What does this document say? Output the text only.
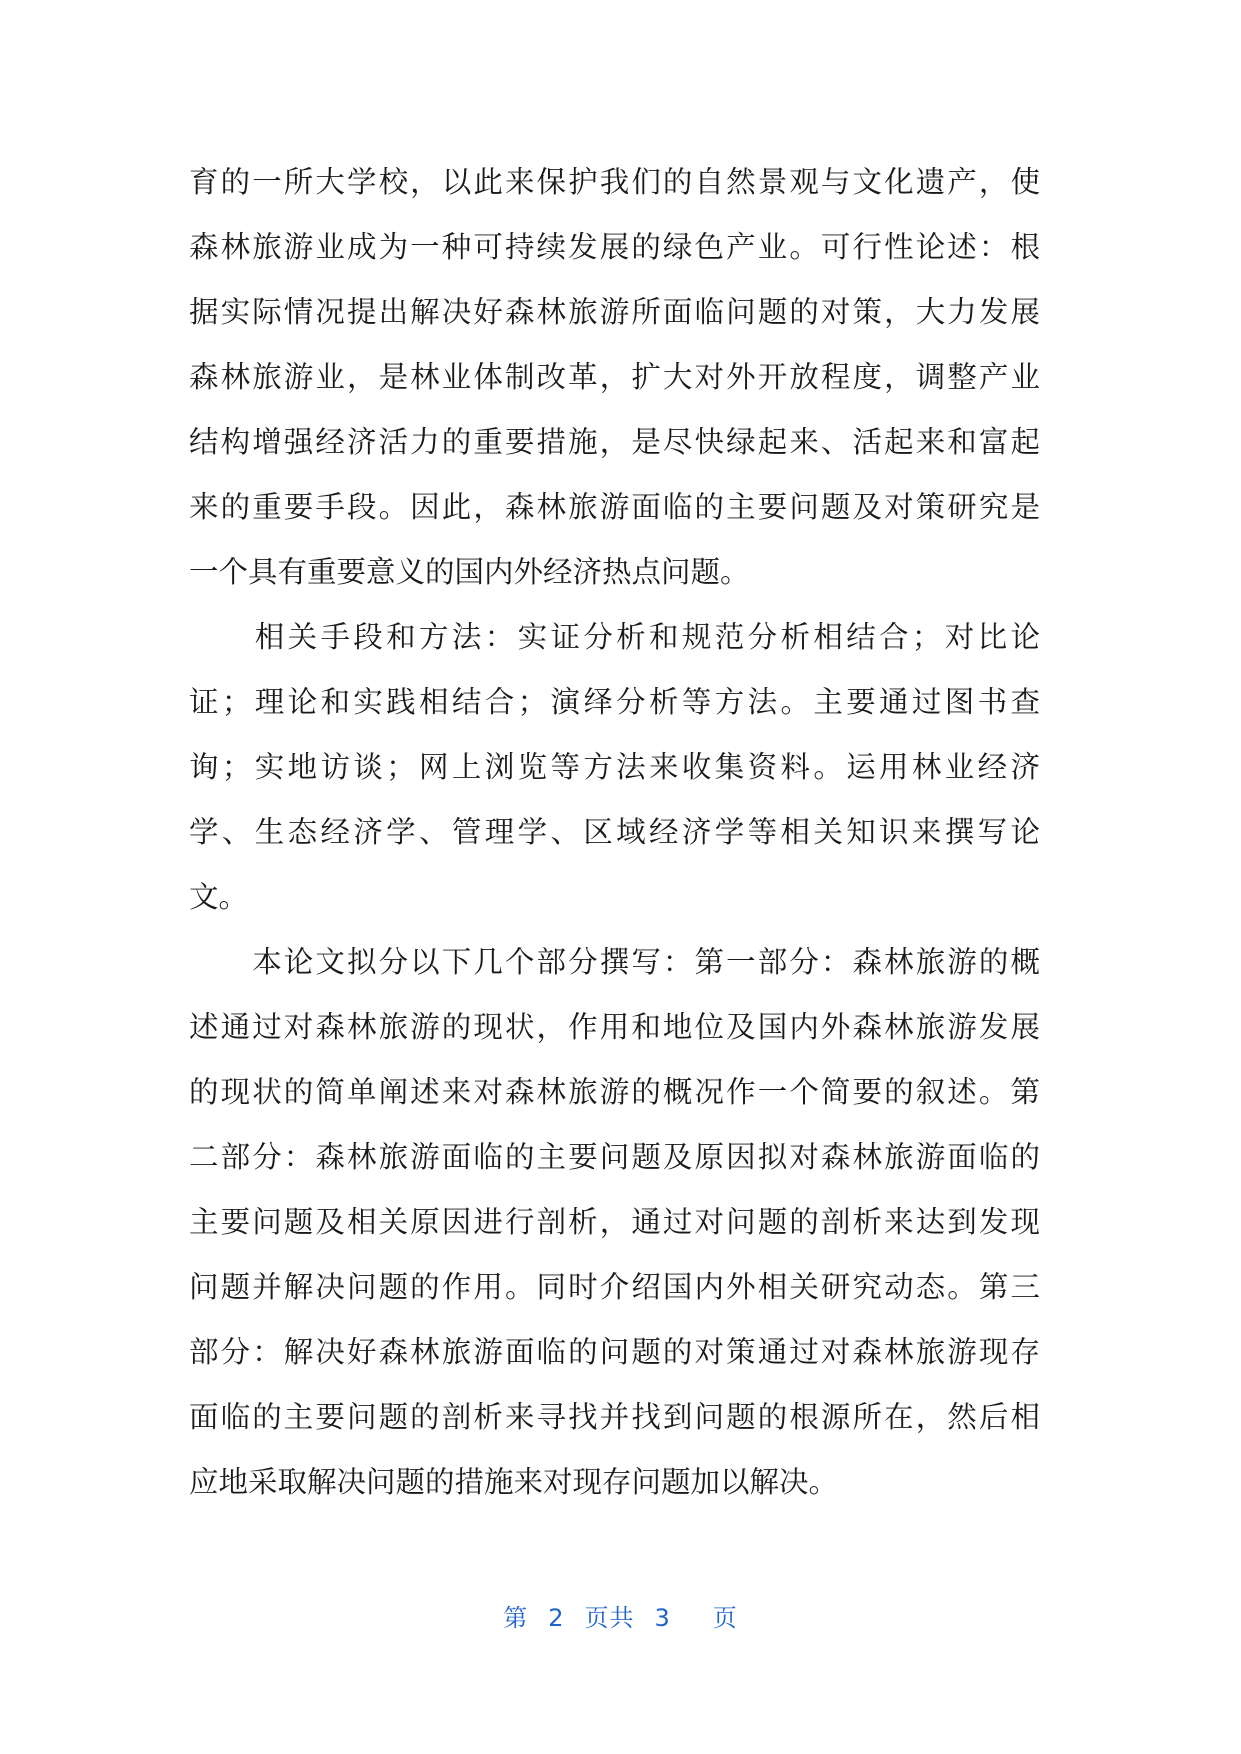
育的一所大学校，以此来保护我们的自然景观与文化遗产，使
森林旅游业成为一种可持续发展的绿色产业。可行性论述：根
据实际情况提出解决好森林旅游所面临问题的对策，大力发展
森林旅游业，是林业体制改革，扩大对外开放程度，调整产业
结构增强经济活力的重要措施，是尽快绿起来、活起来和富起
来的重要手段。因此，森林旅游面临的主要问题及对策研究是
一个具有重要意义的国内外经济热点问题。
　　相关手段和方法：实证分析和规范分析相结合；对比论
证；理论和实践相结合；演绎分析等方法。主要通过图书查
询；实地访谈；网上浏览等方法来收集资料。运用林业经济
学、生态经济学、管理学、区域经济学等相关知识来撰写论
文。
　　本论文拟分以下几个部分撰写：第一部分：森林旅游的概
述通过对森林旅游的现状，作用和地位及国内外森林旅游发展
的现状的简单阐述来对森林旅游的概况作一个简要的叙述。第
二部分：森林旅游面临的主要问题及原因拟对森林旅游面临的
主要问题及相关原因进行剖析，通过对问题的剖析来达到发现
问题并解决问题的作用。同时介绍国内外相关研究动态。第三
部分：解决好森林旅游面临的问题的对策通过对森林旅游现存
面临的主要问题的剖析来寻找并找到问题的根源所在，然后相
应地采取解决问题的措施来对现存问题加以解决。
第 2 页共 3 页
